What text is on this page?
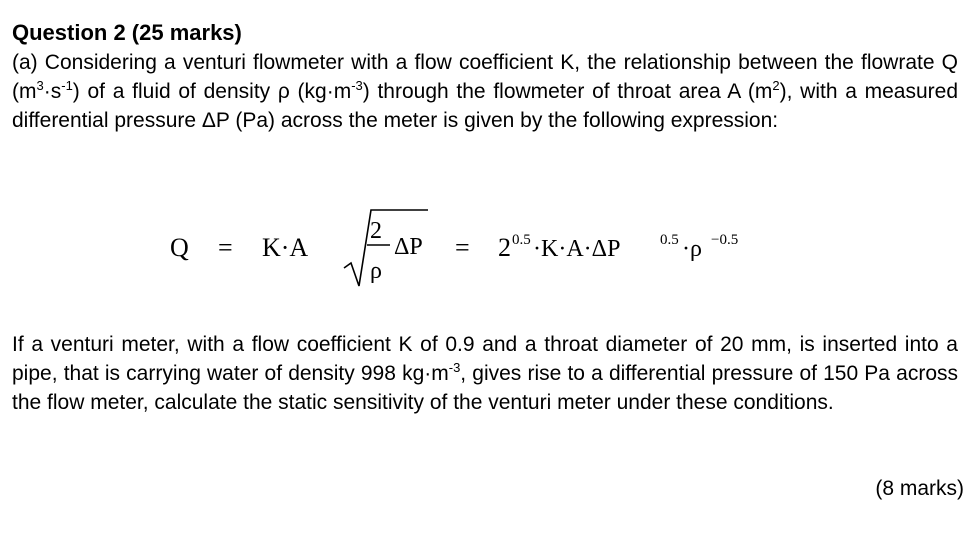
Question 2 (25 marks)
(a) Considering a venturi flowmeter with a flow coefficient K, the relationship between the flowrate Q $(m^3\cdot s^{-1})$ of a fluid of density ρ $(kg\cdot m^{-3})$ through the flowmeter of throat area A $(m^2)$, with a measured differential pressure ΔP (Pa) across the meter is given by the following expression:
Q = K·A
2
ρ
ΔP = 2 0.5 ·K·A·ΔP	0.5 ·ρ −0.5
If a venturi meter, with a flow coefficient K of 0.9 and a throat diameter of 20 mm, is inserted into a pipe, that is carrying water of density 998 $kg\cdot m^{-3}$, gives rise to a differential pressure of 150 Pa across the flow meter, calculate the static sensitivity of the venturi meter under these conditions.
(8 marks)
